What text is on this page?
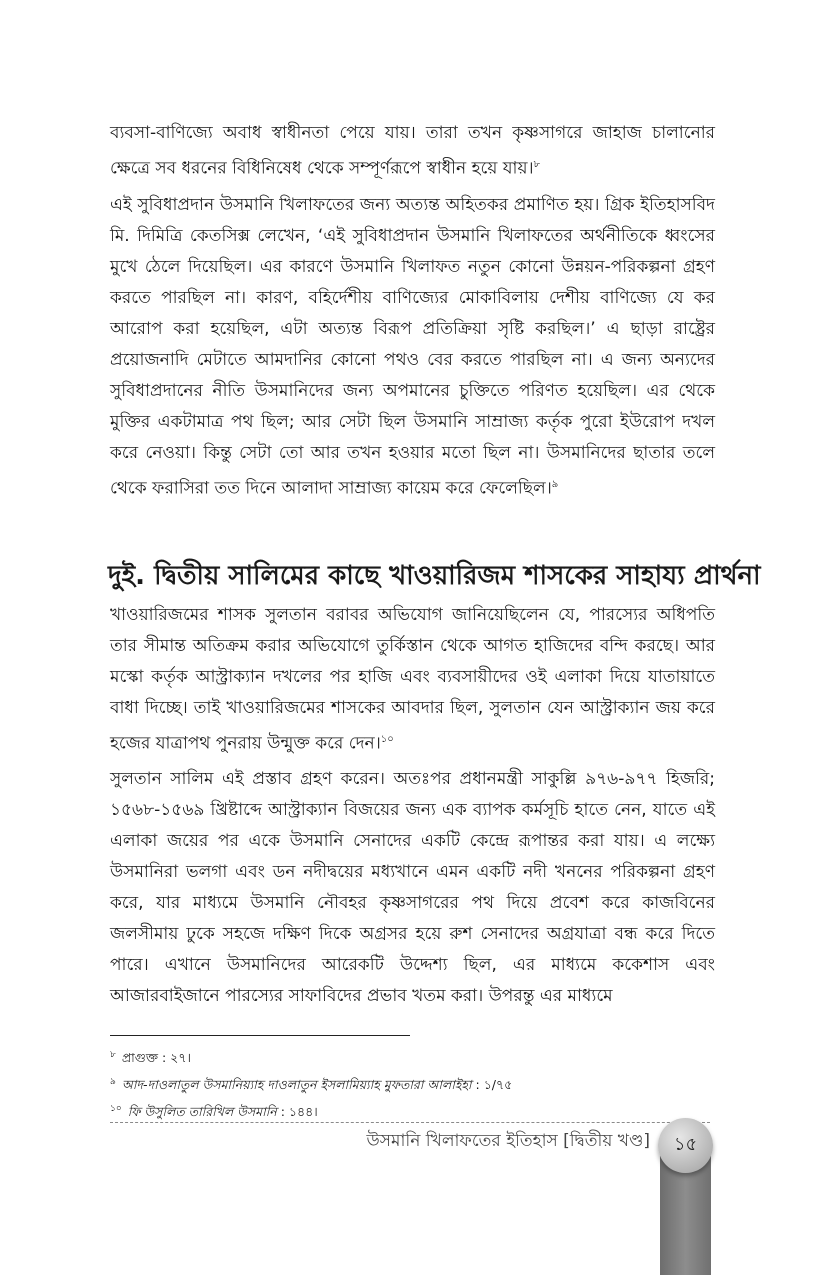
ব্যবসা-বাণিজ্যে অবাধ স্বাধীনতা পেয়ে যায়। তারা তখন কৃষ্ণসাগরে জাহাজ চালানোর ক্ষেত্রে সব ধরনের বিধিনিষেধ থেকে সম্পূর্ণরূপে স্বাধীন হয়ে যায়।$^৮$

এই সুবিধাপ্রদান উসমানি খিলাফতের জন্য অত্যন্ত অহিতকর প্রমাণিত হয়। গ্রিক ইতিহাসবিদ মি. দিমিত্রি কেতসিক্স লেখেন, ‘এই সুবিধাপ্রদান উসমানি খিলাফতের অর্থনীতিকে ধ্বংসের মুখে ঠেলে দিয়েছিল। এর কারণে উসমানি খিলাফত নতুন কোনো উন্নয়ন-পরিকল্পনা গ্রহণ করতে পারছিল না। কারণ, বহির্দেশীয় বাণিজ্যের মোকাবিলায় দেশীয় বাণিজ্যে যে কর আরোপ করা হয়েছিল, এটা অত্যন্ত বিরূপ প্রতিক্রিয়া সৃষ্টি করছিল।’ এ ছাড়া রাষ্ট্রের প্রয়োজনাদি মেটাতে আমদানির কোনো পথও বের করতে পারছিল না। এ জন্য অন্যদের সুবিধাপ্রদানের নীতি উসমানিদের জন্য অপমানের চুক্তিতে পরিণত হয়েছিল। এর থেকে মুক্তির একটামাত্র পথ ছিল; আর সেটা ছিল উসমানি সাম্রাজ্য কর্তৃক পুরো ইউরোপ দখল করে নেওয়া। কিন্তু সেটা তো আর তখন হওয়ার মতো ছিল না। উসমানিদের ছাতার তলে থেকে ফরাসিরা তত দিনে আলাদা সাম্রাজ্য কায়েম করে ফেলেছিল।$^৯$

দুই. দ্বিতীয় সালিমের কাছে খাওয়ারিজম শাসকের সাহায্য প্রার্থনা

খাওয়ারিজমের শাসক সুলতান বরাবর অভিযোগ জানিয়েছিলেন যে, পারস্যের অধিপতি তার সীমান্ত অতিক্রম করার অভিযোগে তুর্কিস্তান থেকে আগত হাজিদের বন্দি করছে। আর মস্কো কর্তৃক আস্ট্রাক্যান দখলের পর হাজি এবং ব্যবসায়ীদের ওই এলাকা দিয়ে যাতায়াতে বাধা দিচ্ছে। তাই খাওয়ারিজমের শাসকের আবদার ছিল, সুলতান যেন আস্ট্রাক্যান জয় করে হজের যাত্রাপথ পুনরায় উন্মুক্ত করে দেন।$^{১০}$

সুলতান সালিম এই প্রস্তাব গ্রহণ করেন। অতঃপর প্রধানমন্ত্রী সাকুল্লি ৯৭৬-৯৭৭ হিজরি; ১৫৬৮-১৫৬৯ খ্রিষ্টাব্দে আস্ট্রাক্যান বিজয়ের জন্য এক ব্যাপক কর্মসূচি হাতে নেন, যাতে এই এলাকা জয়ের পর একে উসমানি সেনাদের একটি কেন্দ্রে রূপান্তর করা যায়। এ লক্ষ্যে উসমানিরা ভলগা এবং ডন নদীদ্বয়ের মধ্যখানে এমন একটি নদী খননের পরিকল্পনা গ্রহণ করে, যার মাধ্যমে উসমানি নৌবহর কৃষ্ণসাগরের পথ দিয়ে প্রবেশ করে কাজবিনের জলসীমায় ঢুকে সহজে দক্ষিণ দিকে অগ্রসর হয়ে রুশ সেনাদের অগ্রযাত্রা বন্ধ করে দিতে পারে। এখানে উসমানিদের আরেকটি উদ্দেশ্য ছিল, এর মাধ্যমে ককেশাস এবং আজারবাইজানে পারস্যের সাফাবিদের প্রভাব খতম করা। উপরন্তু এর মাধ্যমে

$^৮$ প্রাগুক্ত : ২৭।
$^৯$ আদ-দাওলাতুল উসমানিয়্যাহ দাওলাতুন ইসলামিয়্যাহ মুফতারা আলাইহা : ১/৭৫
$^{১০}$ ফি উসুলিত তারিখিল উসমানি : ১৪৪।
উসমানি খিলাফতের ইতিহাস [দ্বিতীয় খণ্ড]	১৫
